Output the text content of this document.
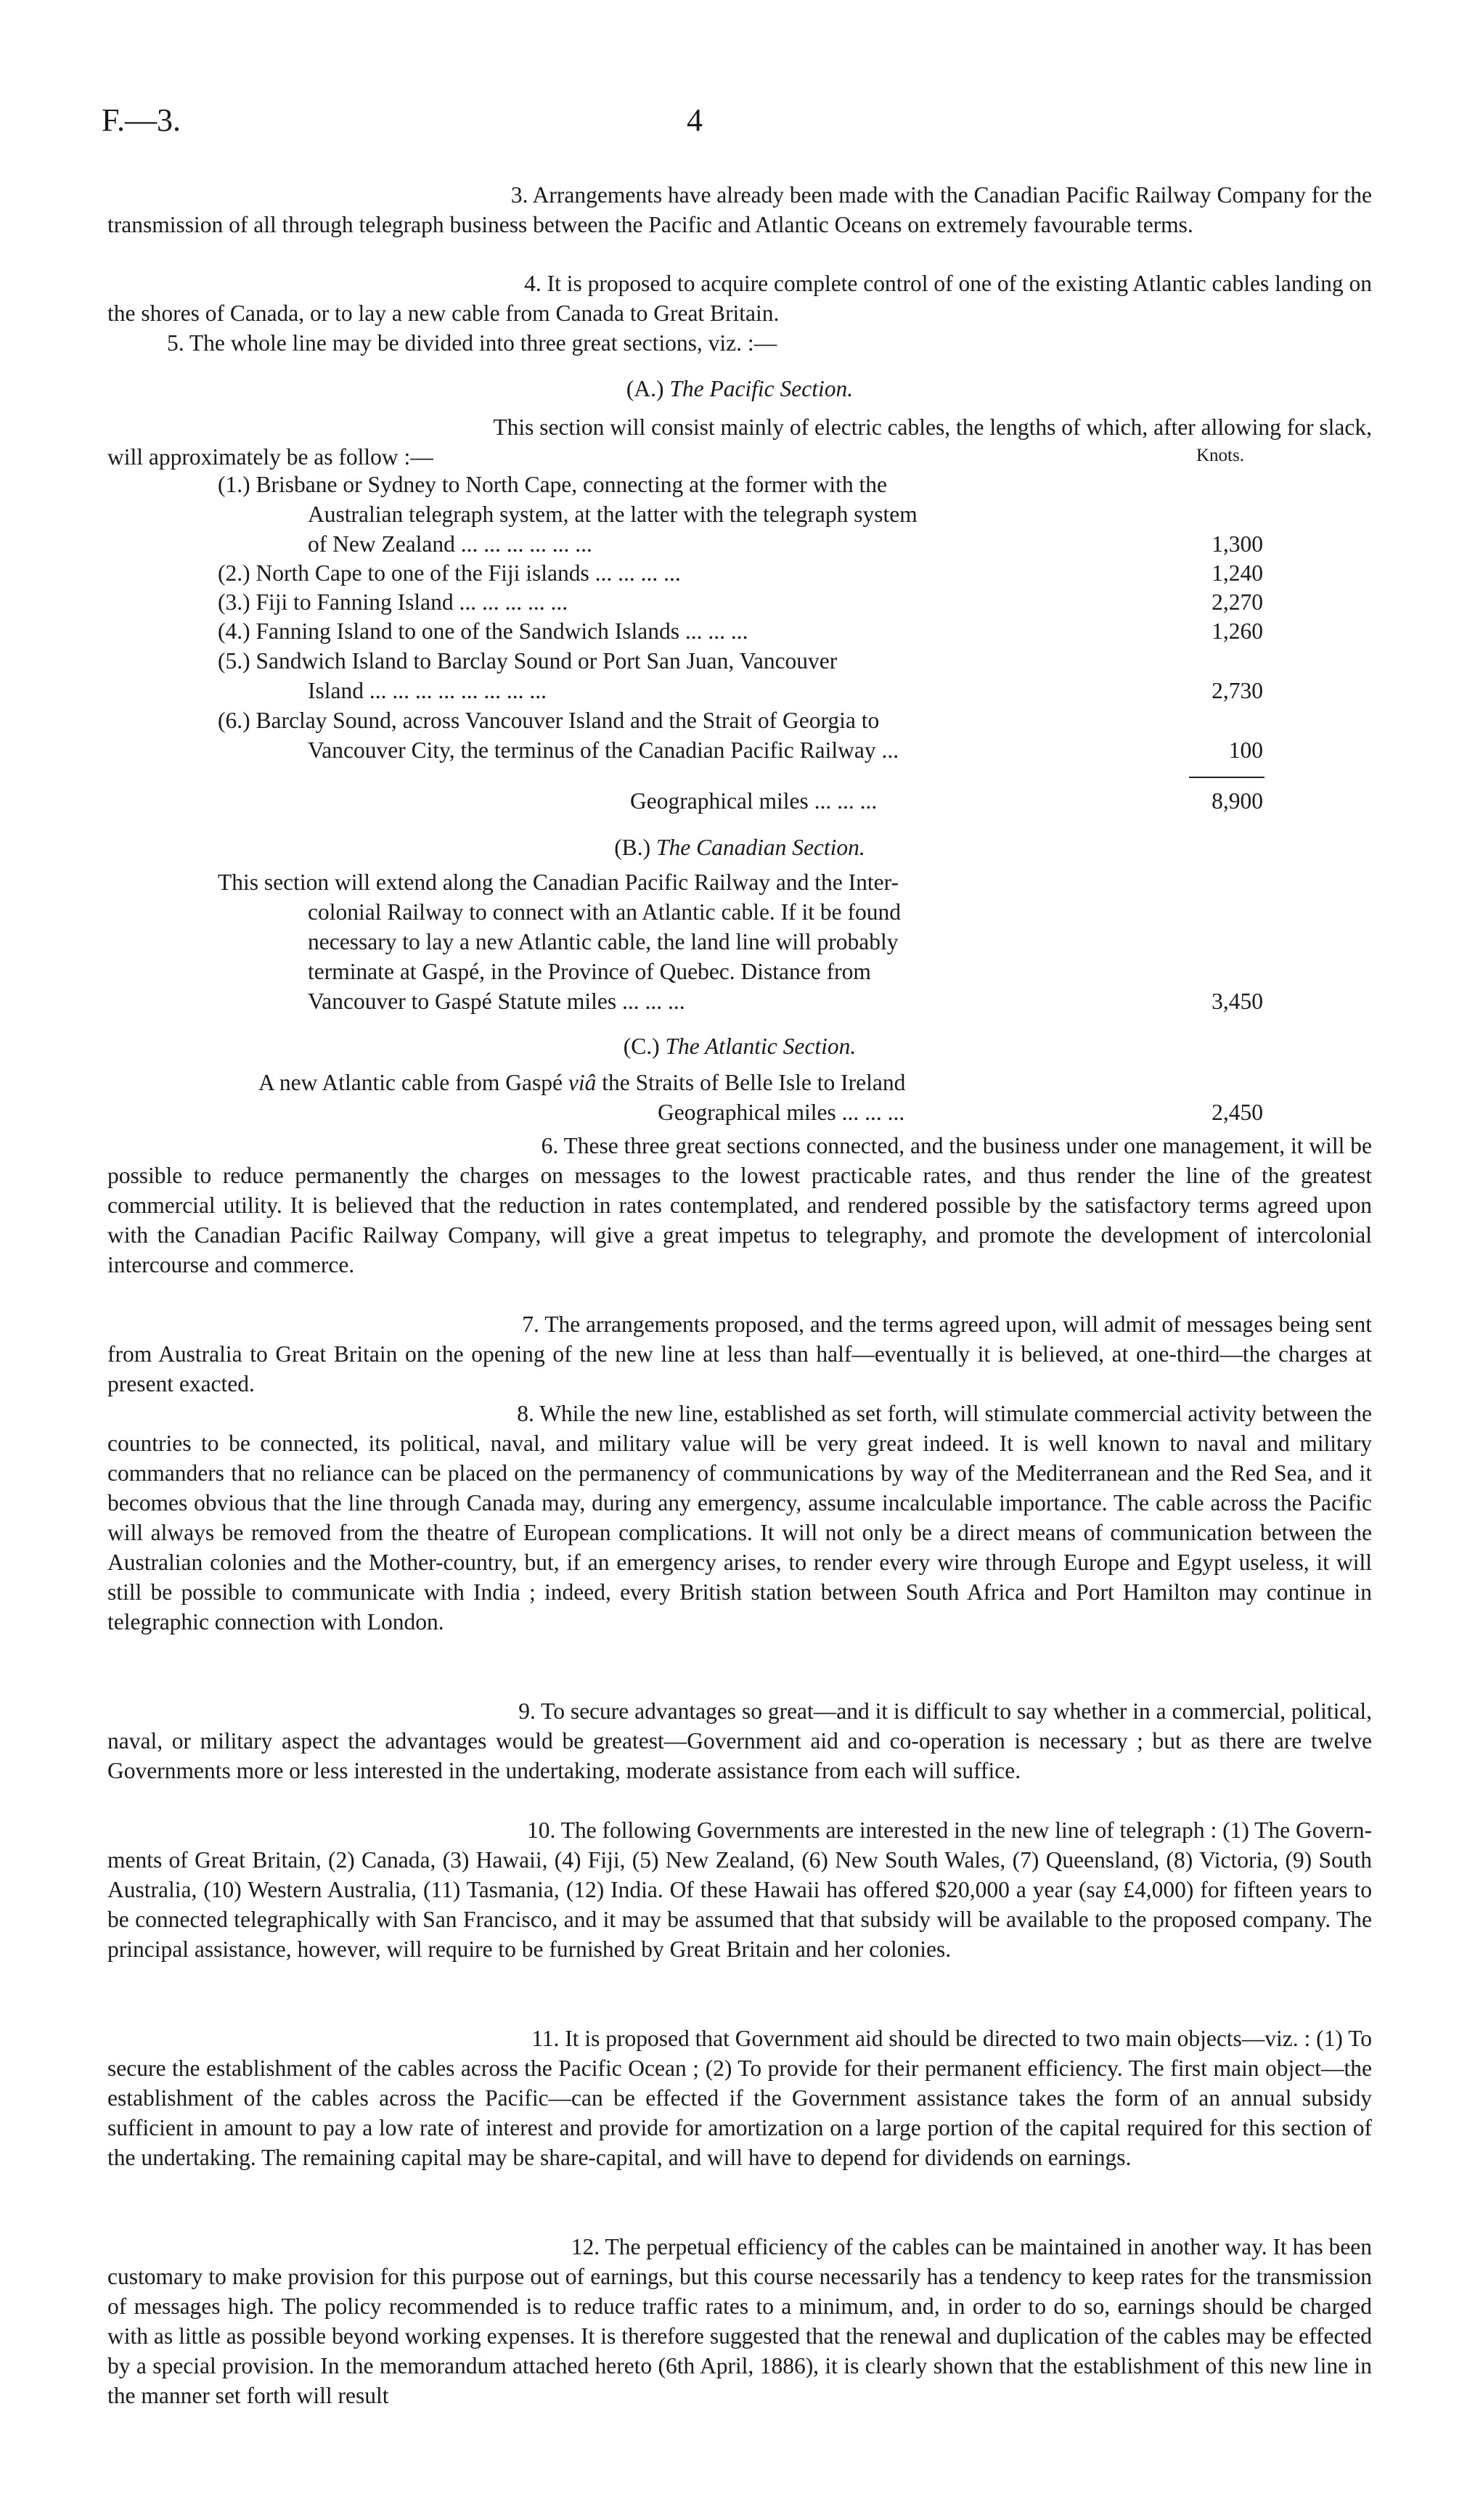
F.—3.	4

3. Arrangements have already been made with the Canadian Pacific Railway Company for the

transmission of all through telegraph business between the Pacific and Atlantic Oceans on extremely favourable terms.

4. It is proposed to acquire complete control of one of the existing Atlantic cables landing on

the shores of Canada, or to lay a new cable from Canada to Great Britain.

5. The whole line may be divided into three great sections, viz. :—
(A.) The Pacific Section.

This section will consist mainly of electric cables, the lengths of which, after allowing for slack,

will approximately be as follow :—	Knots.
(1.) Brisbane or Sydney to North Cape, connecting at the former with the
Australian telegraph system, at the latter with the telegraph system
of New Zealand ... ... ... ... ... ...	1,300
(2.) North Cape to one of the Fiji islands ... ... ... ...	1,240
(3.) Fiji to Fanning Island ... ... ... ... ...	2,270
(4.) Fanning Island to one of the Sandwich Islands ... ... ...	1,260
(5.) Sandwich Island to Barclay Sound or Port San Juan, Vancouver
Island ... ... ... ... ... ... ... ...	2,730
(6.) Barclay Sound, across Vancouver Island and the Strait of Georgia to
Vancouver City, the terminus of the Canadian Pacific Railway ...	100
Geographical miles ... ... ...	8,900
(B.) The Canadian Section.
This section will extend along the Canadian Pacific Railway and the Inter-
colonial Railway to connect with an Atlantic cable. If it be found
necessary to lay a new Atlantic cable, the land line will probably
terminate at Gaspé, in the Province of Quebec. Distance from
Vancouver to Gaspé Statute miles ... ... ...	3,450
(C.) The Atlantic Section.
A new Atlantic cable from Gaspé viâ the Straits of Belle Isle to Ireland
Geographical miles ... ... ...	2,450

6. These three great sections connected, and the business under one management, it will be

possible to reduce permanently the charges on messages to the lowest practicable rates, and thus render the line of the greatest commercial utility. It is believed that the reduction in rates contemplated, and rendered possible by the satisfactory terms agreed upon with the Canadian Pacific Railway Company, will give a great impetus to telegraphy, and promote the development of intercolonial intercourse and commerce.

7. The arrangements proposed, and the terms agreed upon, will admit of messages being sent

from Australia to Great Britain on the opening of the new line at less than half—eventually it is believed, at one-third—the charges at present exacted.

8. While the new line, established as set forth, will stimulate commercial activity between the

countries to be connected, its political, naval, and military value will be very great indeed. It is well known to naval and military commanders that no reliance can be placed on the permanency of communications by way of the Mediterranean and the Red Sea, and it becomes obvious that the line through Canada may, during any emergency, assume incalculable importance. The cable across the Pacific will always be removed from the theatre of European complications. It will not only be a direct means of communication between the Australian colonies and the Mother-country, but, if an emergency arises, to render every wire through Europe and Egypt useless, it will still be possible to communicate with India ; indeed, every British station between South Africa and Port Hamilton may continue in telegraphic connection with London.

9. To secure advantages so great—and it is difficult to say whether in a commercial, political,

naval, or military aspect the advantages would be greatest—Government aid and co-operation is necessary ; but as there are twelve Governments more or less interested in the undertaking, moderate assistance from each will suffice.

10. The following Governments are interested in the new line of telegraph : (1) The Govern-

ments of Great Britain, (2) Canada, (3) Hawaii, (4) Fiji, (5) New Zealand, (6) New South Wales, (7) Queensland, (8) Victoria, (9) South Australia, (10) Western Australia, (11) Tasmania, (12) India. Of these Hawaii has offered $20,000 a year (say £4,000) for fifteen years to be connected telegraphically with San Francisco, and it may be assumed that that subsidy will be available to the proposed company. The principal assistance, however, will require to be furnished by Great Britain and her colonies.

11. It is proposed that Government aid should be directed to two main objects—viz. : (1) To

secure the establishment of the cables across the Pacific Ocean ; (2) To provide for their permanent efficiency. The first main object—the establishment of the cables across the Pacific—can be effected if the Government assistance takes the form of an annual subsidy sufficient in amount to pay a low rate of interest and provide for amortization on a large portion of the capital required for this section of the undertaking. The remaining capital may be share-capital, and will have to depend for dividends on earnings.

12. The perpetual efficiency of the cables can be maintained in another way. It has been

customary to make provision for this purpose out of earnings, but this course necessarily has a tendency to keep rates for the transmission of messages high. The policy recommended is to reduce traffic rates to a minimum, and, in order to do so, earnings should be charged with as little as possible beyond working expenses. It is therefore suggested that the renewal and duplication of the cables may be effected by a special provision. In the memorandum attached hereto (6th April, 1886), it is clearly shown that the establishment of this new line in the manner set forth will result
